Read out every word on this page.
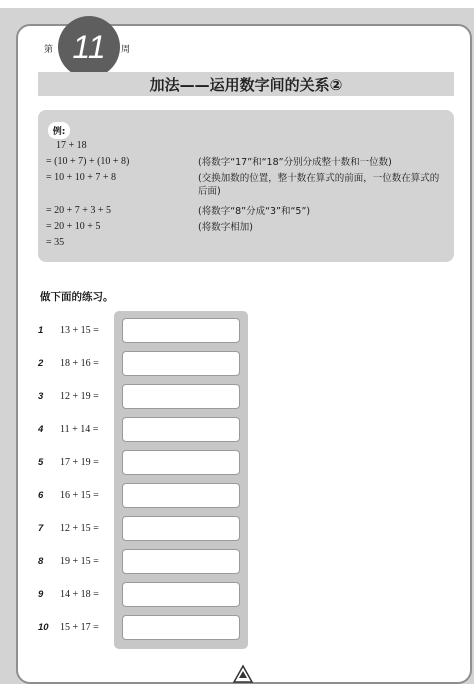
第 11 周
加法——运用数字间的关系②
例:
17 + 18
= (10 + 7) + (10 + 8)	(将数字“17”和“18”分别分成整十数和一位数)
= 10 + 10 + 7 + 8	(交换加数的位置，整十数在算式的前面，一位数在算式的后面)
= 20 + 7 + 3 + 5	(将数字“8”分成“3”和“5”)
= 20 + 10 + 5	(将数字相加)
= 35
做下面的练习。
1 13 + 15 =
2 18 + 16 =
3 12 + 19 =
4 11 + 14 =
5 17 + 19 =
6 16 + 15 =
7 12 + 15 =
8 19 + 15 =
9 14 + 18 =
10 15 + 17 =
